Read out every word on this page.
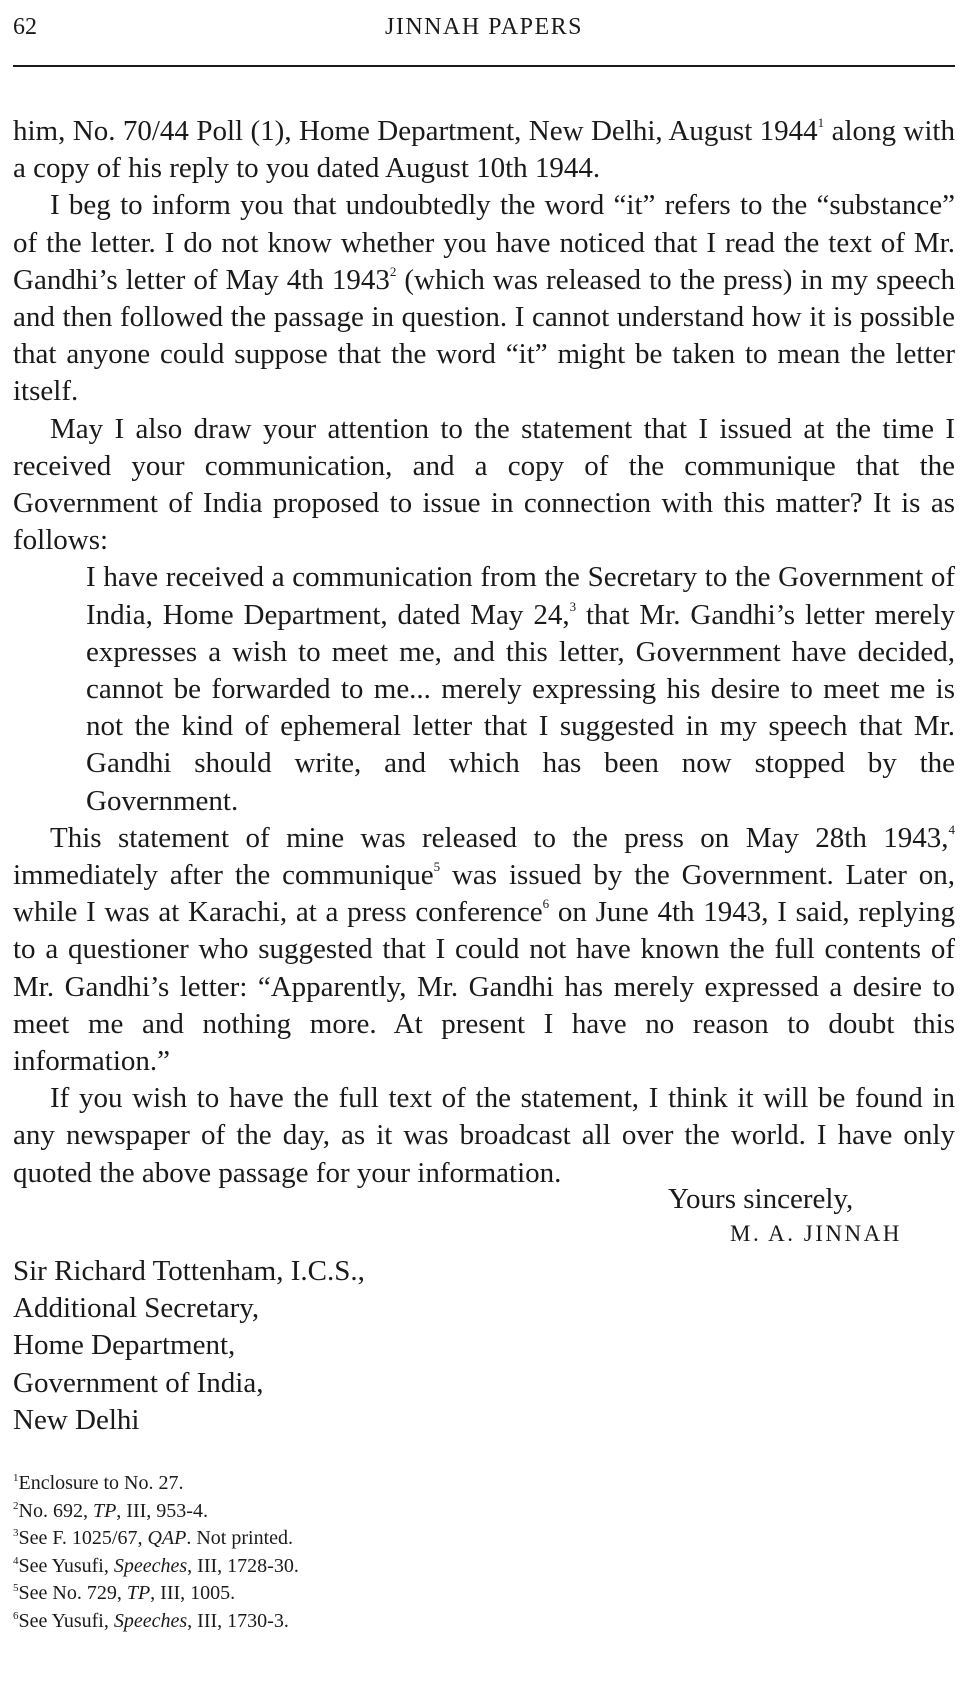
62	JINNAH PAPERS

him, No. 70/44 Poll (1), Home Department, New Delhi, August 1944$^1$ along with a copy of his reply to you dated August 10th 1944.

I beg to inform you that undoubtedly the word “it” refers to the “substance” of the letter. I do not know whether you have noticed that I read the text of Mr. Gandhi’s letter of May 4th 1943$^2$ (which was released to the press) in my speech and then followed the passage in question. I cannot understand how it is possible that anyone could suppose that the word “it” might be taken to mean the letter itself.

May I also draw your attention to the statement that I issued at the time I received your communication, and a copy of the communique that the Government of India proposed to issue in connection with this matter? It is as follows:

I have received a communication from the Secretary to the Government of India, Home Department, dated May 24,$^3$ that Mr. Gandhi’s letter merely expresses a wish to meet me, and this letter, Government have decided, cannot be forwarded to me... merely expressing his desire to meet me is not the kind of ephemeral letter that I suggested in my speech that Mr. Gandhi should write, and which has been now stopped by the Government.

This statement of mine was released to the press on May 28th 1943,$^4$ immediately after the communique$^5$ was issued by the Government. Later on, while I was at Karachi, at a press conference$^6$ on June 4th 1943, I said, replying to a questioner who suggested that I could not have known the full contents of Mr. Gandhi’s letter: “Apparently, Mr. Gandhi has merely expressed a desire to meet me and nothing more. At present I have no reason to doubt this information.”

If you wish to have the full text of the statement, I think it will be found in any newspaper of the day, as it was broadcast all over the world. I have only quoted the above passage for your information.

Yours sincerely,
M. A. JINNAH
Sir Richard Tottenham, I.C.S.,
Additional Secretary,
Home Department,
Government of India,
New Delhi
$^1$Enclosure to No. 27.
$^2$No. 692, TP, III, 953-4.
$^3$See F. 1025/67, QAP. Not printed.
$^4$See Yusufi, Speeches, III, 1728-30.
$^5$See No. 729, TP, III, 1005.
$^6$See Yusufi, Speeches, III, 1730-3.
